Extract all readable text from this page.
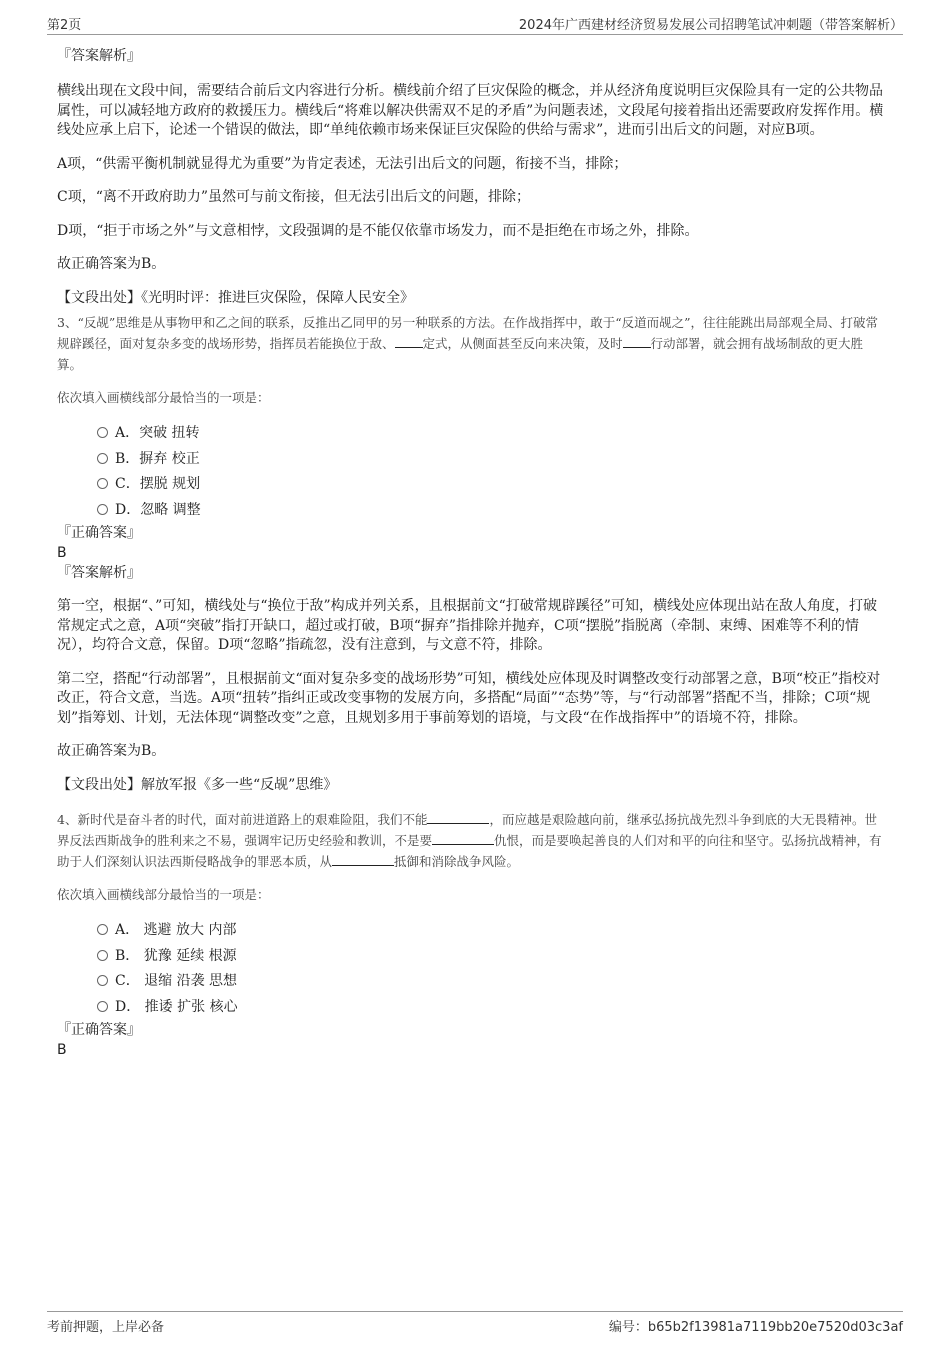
第2页	2024年广西建材经济贸易发展公司招聘笔试冲刺题（带答案解析）

『答案解析』

横线出现在文段中间，需要结合前后文内容进行分析。横线前介绍了巨灾保险的概念，并从经济角度说明巨灾保险具有一定的公共物品属性，可以减轻地方政府的救援压力。横线后“将难以解决供需双不足的矛盾”为问题表述，文段尾句接着指出还需要政府发挥作用。横线处应承上启下，论述一个错误的做法，即“单纯依赖市场来保证巨灾保险的供给与需求”，进而引出后文的问题，对应B项。

A项，“供需平衡机制就显得尤为重要”为肯定表述，无法引出后文的问题，衔接不当，排除；

C项，“离不开政府助力”虽然可与前文衔接，但无法引出后文的问题，排除；

D项，“拒于市场之外”与文意相悖，文段强调的是不能仅依靠市场发力，而不是拒绝在市场之外，排除。

故正确答案为B。

【文段出处】《光明时评：推进巨灾保险，保障人民安全》

3、“反觇”思维是从事物甲和乙之间的联系，反推出乙同甲的另一种联系的方法。在作战指挥中，敢于“反道而觇之”，往往能跳出局部观全局、打破常规辟蹊径，面对复杂多变的战场形势，指挥员若能换位于敌、 定式，从侧面甚至反向来决策，及时 行动部署，就会拥有战场制敌的更大胜算。

依次填入画横线部分最恰当的一项是：

A．突破 扭转
B．摒弃 校正
C．摆脱 规划
D．忽略 调整

『正确答案』

B

『答案解析』

第一空，根据“、”可知，横线处与“换位于敌”构成并列关系，且根据前文“打破常规辟蹊径”可知，横线处应体现出站在敌人角度，打破常规定式之意，A项“突破”指打开缺口，超过或打破，B项“摒弃”指排除并抛弃，C项“摆脱”指脱离（牵制、束缚、困难等不利的情况），均符合文意，保留。D项“忽略”指疏忽，没有注意到，与文意不符，排除。

第二空，搭配“行动部署”，且根据前文“面对复杂多变的战场形势”可知，横线处应体现及时调整改变行动部署之意，B项“校正”指校对改正，符合文意，当选。A项“扭转”指纠正或改变事物的发展方向，多搭配“局面”“态势”等，与“行动部署”搭配不当，排除；C项“规划”指筹划、计划，无法体现“调整改变”之意，且规划多用于事前筹划的语境，与文段“在作战指挥中”的语境不符，排除。

故正确答案为B。

【文段出处】解放军报《多一些“反觇”思维》

4、新时代是奋斗者的时代，面对前进道路上的艰难险阻，我们不能	，而应越是艰险越向前，继承弘扬抗战先烈斗争到底的大无畏精神。世界反法西斯战争的胜利来之不易，强调牢记历史经验和教训，不是要	仇恨，而是要唤起善良的人们对和平的向往和坚守。弘扬抗战精神，有助于人们深刻认识法西斯侵略战争的罪恶本质，从	抵御和消除战争风险。

依次填入画横线部分最恰当的一项是：

A． 逃避 放大 内部
B． 犹豫 延续 根源
C． 退缩 沿袭 思想
D． 推诿 扩张 核心

『正确答案』

B

考前押题，上岸必备	编号：b65b2f13981a7119bb20e7520d03c3af
